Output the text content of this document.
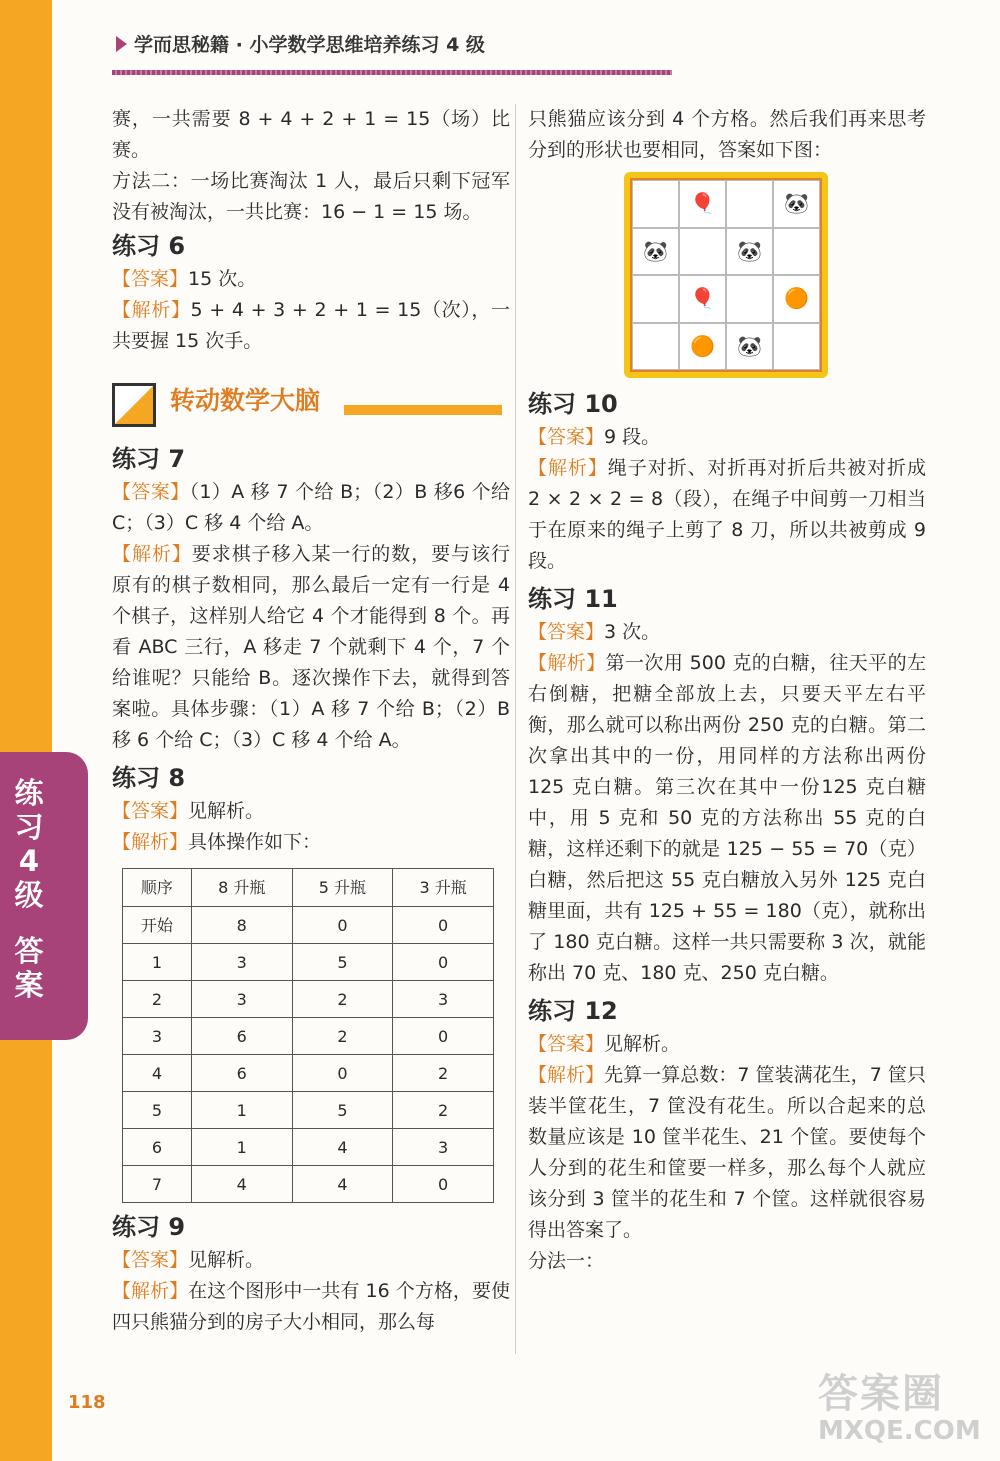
练
习
4
级
答
案
学而思秘籍 · 小学数学思维培养练习 4 级

赛，一共需要 8 + 4 + 2 + 1 = 15（场）比赛。

方法二：一场比赛淘汰 1 人，最后只剩下冠军没有被淘汰，一共比赛：16 − 1 = 15 场。

练习 6

【答案】15 次。

【解析】5 + 4 + 3 + 2 + 1 = 15（次），一共要握 15 次手。

转动数学大脑
练习 7

【答案】（1）A 移 7 个给 B；（2）B 移6 个给 C；（3）C 移 4 个给 A。

【解析】要求棋子移入某一行的数，要与该行原有的棋子数相同，那么最后一定有一行是 4 个棋子，这样别人给它 4 个才能得到 8 个。再看 ABC 三行，A 移走 7 个就剩下 4 个，7 个给谁呢？只能给 B。逐次操作下去，就得到答案啦。具体步骤：（1）A 移 7 个给 B；（2）B 移 6 个给 C；（3）C 移 4 个给 A。

练习 8

【答案】见解析。

【解析】具体操作如下：

顺序	8 升瓶	5 升瓶	3 升瓶
开始	8	0	0
1	3	5	0
2	3	2	3
3	6	2	0
4	6	0	2
5	1	5	2
6	1	4	3
7	4	4	0
练习 9

【答案】见解析。

【解析】在这个图形中一共有 16 个方格，要使四只熊猫分到的房子大小相同，那么每

只熊猫应该分到 4 个方格。然后我们再来思考分到的形状也要相同，答案如下图：

🎈	🐼
🐼	🐼
🎈	🟠
🟠	🐼
练习 10

【答案】9 段。

【解析】绳子对折、对折再对折后共被对折成 2 × 2 × 2 = 8（段），在绳子中间剪一刀相当于在原来的绳子上剪了 8 刀，所以共被剪成 9 段。

练习 11

【答案】3 次。

【解析】第一次用 500 克的白糖，往天平的左右倒糖，把糖全部放上去，只要天平左右平衡，那么就可以称出两份 250 克的白糖。第二次拿出其中的一份，用同样的方法称出两份 125 克白糖。第三次在其中一份125 克白糖中，用 5 克和 50 克的方法称出 55 克的白糖，这样还剩下的就是 125 − 55 = 70（克）白糖，然后把这 55 克白糖放入另外 125 克白糖里面，共有 125 + 55 = 180（克），就称出了 180 克白糖。这样一共只需要称 3 次，就能称出 70 克、180 克、250 克白糖。

练习 12

【答案】见解析。

【解析】先算一算总数：7 筐装满花生，7 筐只装半筐花生，7 筐没有花生。所以合起来的总数量应该是 10 筐半花生、21 个筐。要使每个人分到的花生和筐要一样多，那么每个人就应该分到 3 筐半的花生和 7 个筐。这样就很容易得出答案了。

分法一：

118	答案圈
MXQE.COM
